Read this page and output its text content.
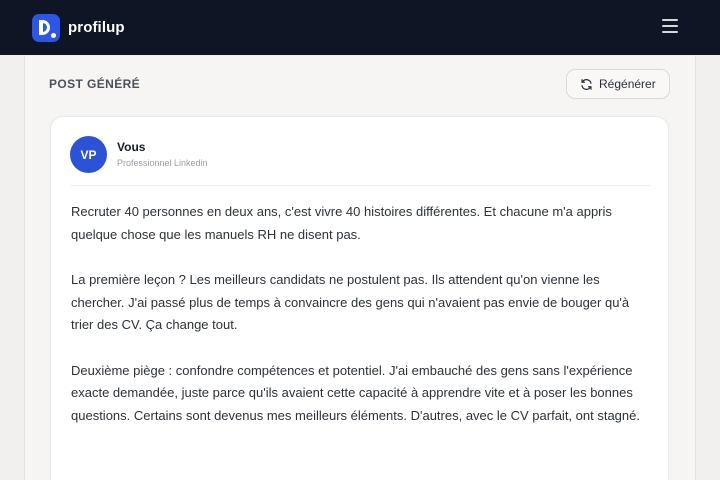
profilup
POST GÉNÉRÉ	Régénérer
VP
Vous
Professionnel Linkedin

Recruter 40 personnes en deux ans, c'est vivre 40 histoires différentes. Et chacune m'a appris quelque chose que les manuels RH ne disent pas.

La première leçon ? Les meilleurs candidats ne postulent pas. Ils attendent qu'on vienne les chercher. J'ai passé plus de temps à convaincre des gens qui n'avaient pas envie de bouger qu'à trier des CV. Ça change tout.

Deuxième piège : confondre compétences et potentiel. J'ai embauché des gens sans l'expérience exacte demandée, juste parce qu'ils avaient cette capacité à apprendre vite et à poser les bonnes questions. Certains sont devenus mes meilleurs éléments. D'autres, avec le CV parfait, ont stagné.
